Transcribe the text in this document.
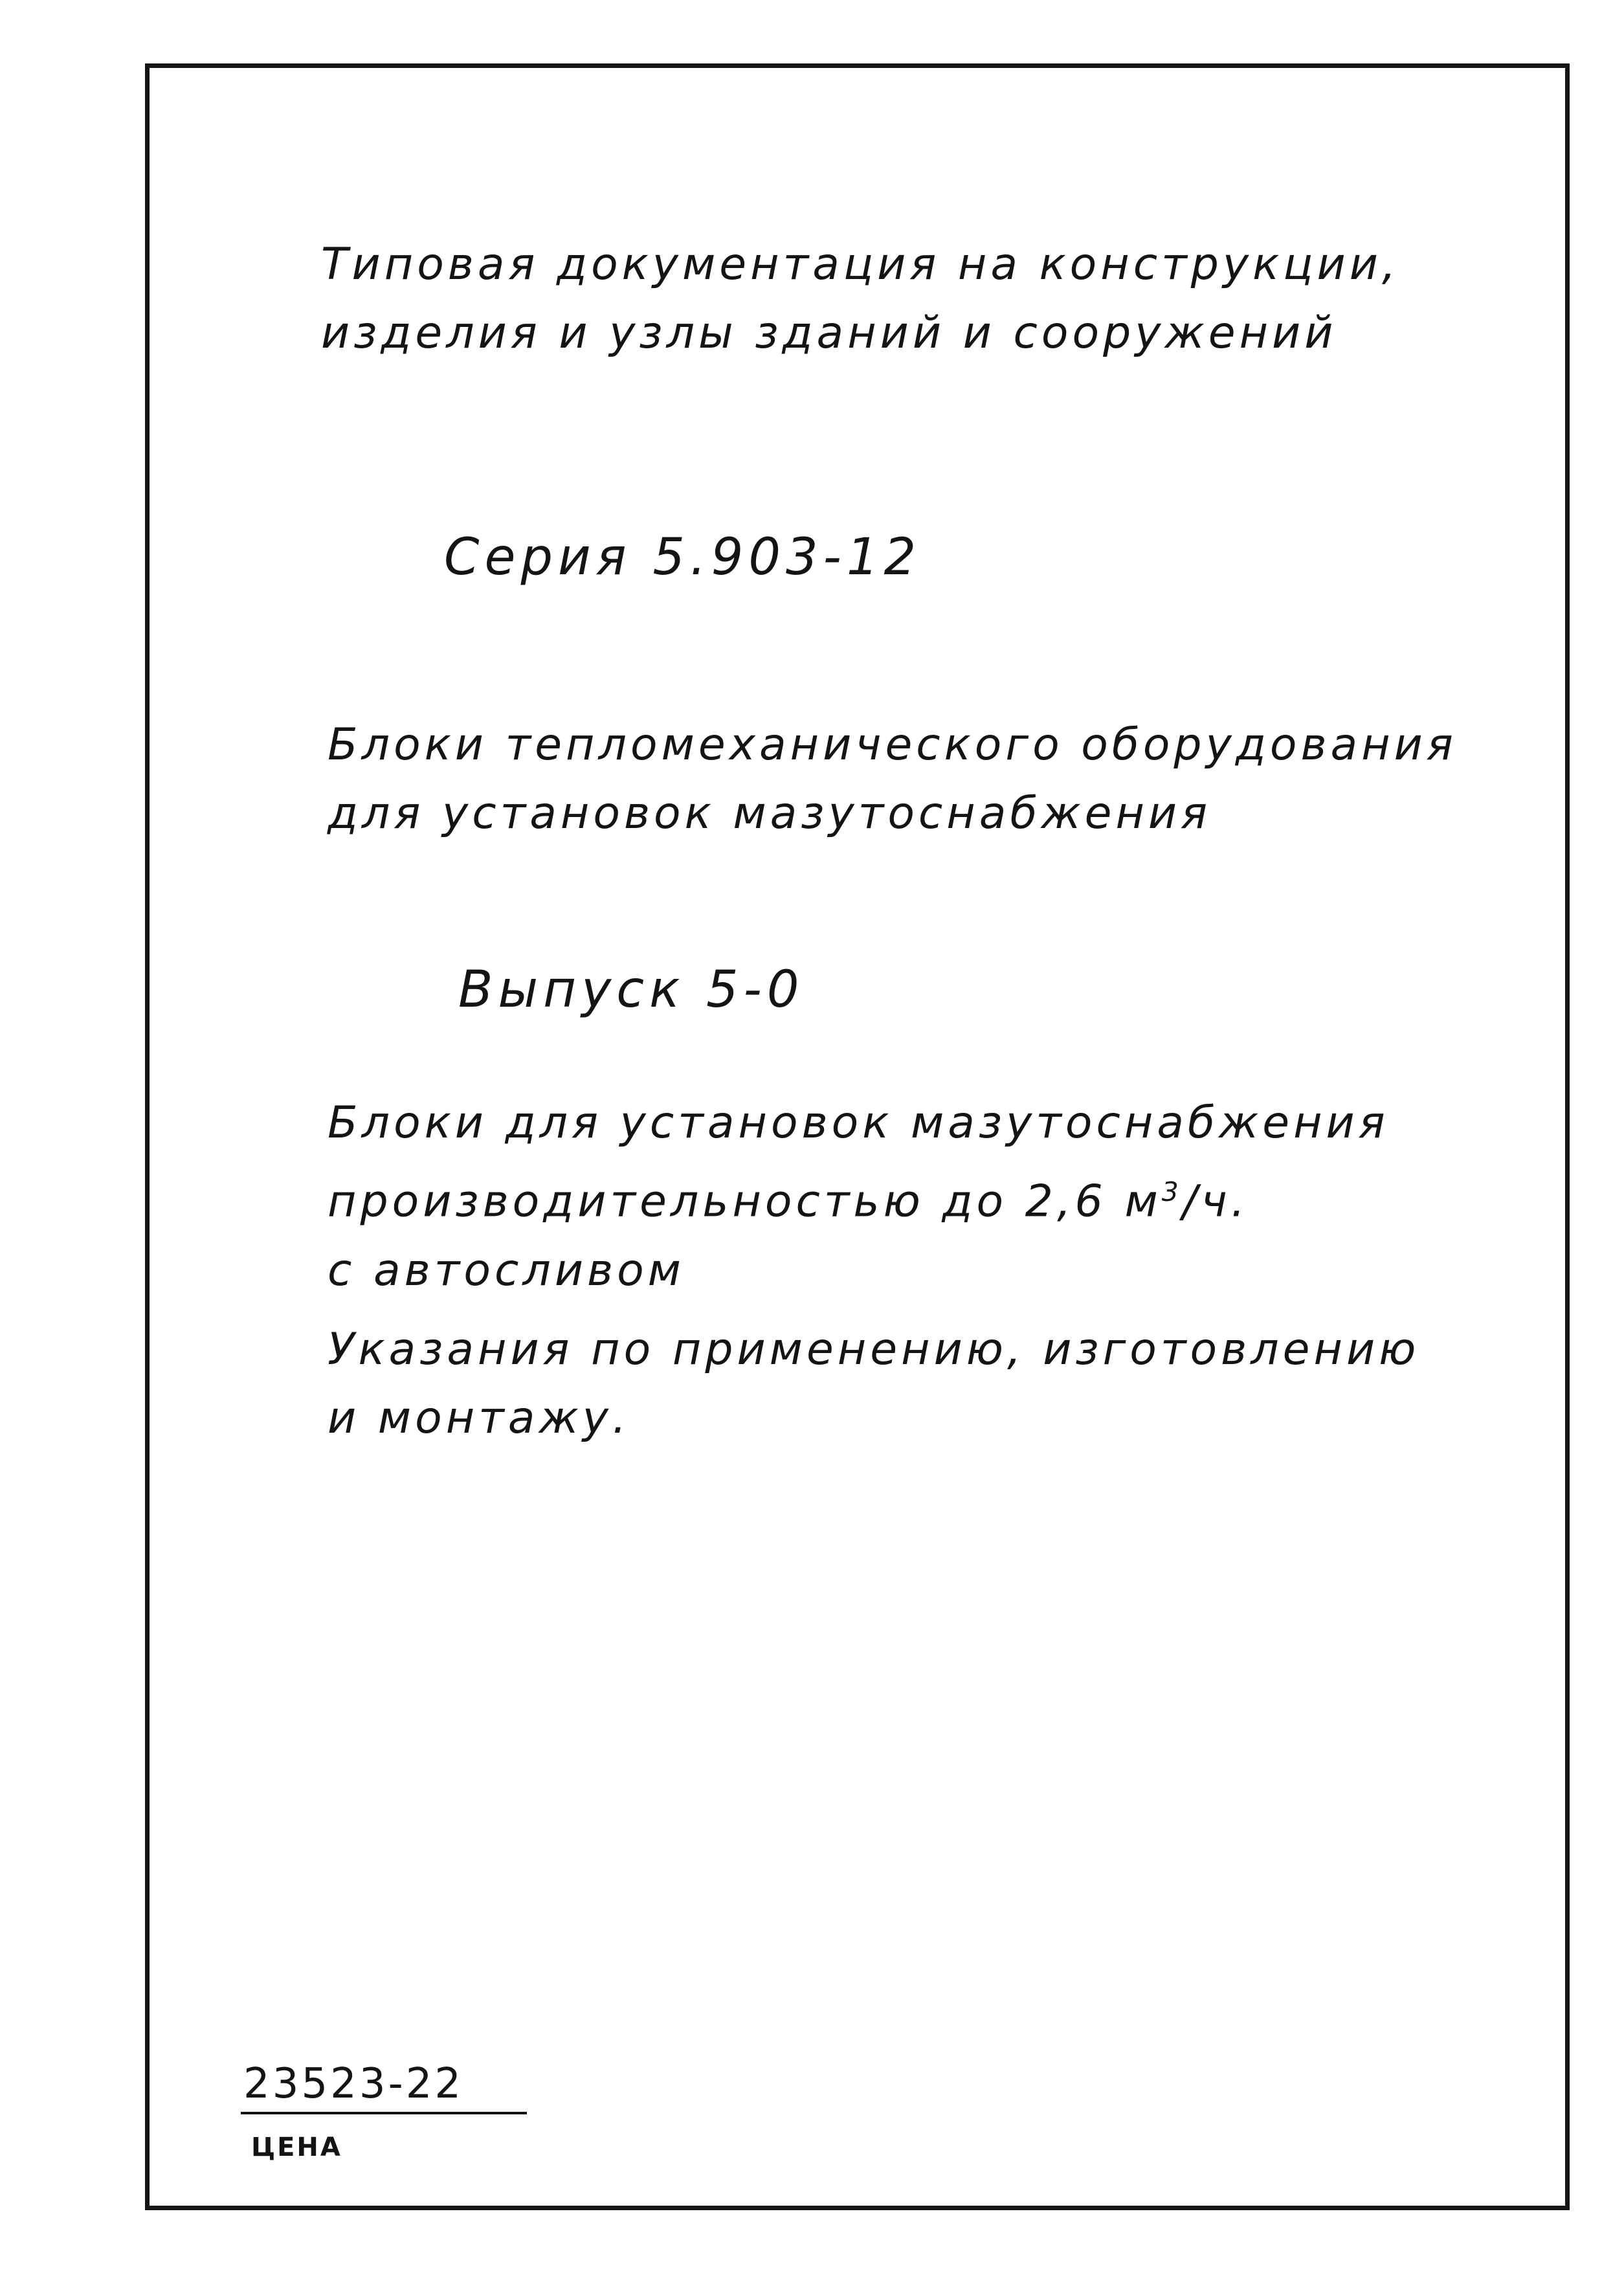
Типовая документация на конструкции,
изделия и узлы зданий и сооружений
Серия 5.903-12
Блоки тепломеханического оборудования
для установок мазутоснабжения
Выпуск 5-0
Блоки для установок мазутоснабжения
производительностью до 2,6 $м^3/ч$.
с автосливом
Указания по применению, изготовлению
и монтажу.
23523-22
ЦЕНА
